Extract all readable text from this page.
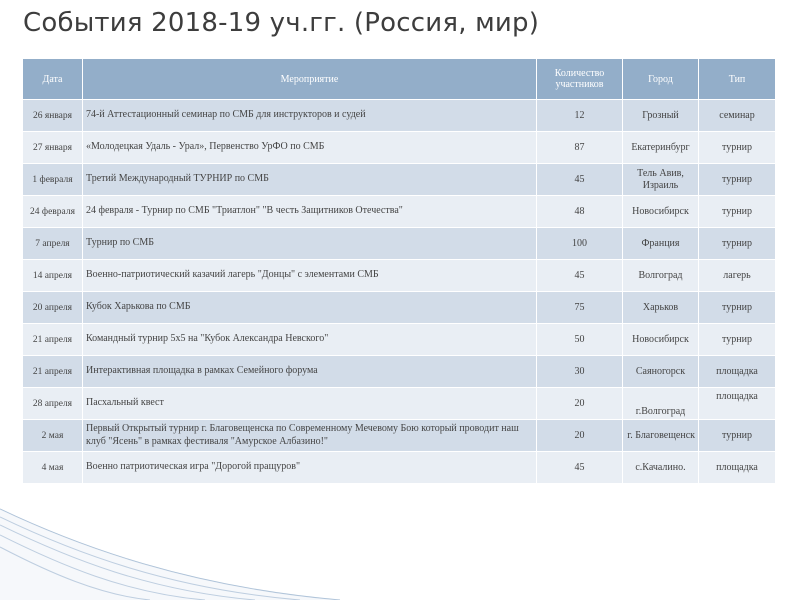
События 2018-19 уч.гг. (Россия, мир)
Дата	Мероприятие	Количество участников	Город	Тип
26 января	74-й Аттестационный семинар по СМБ для инструкторов и судей	12	Грозный	семинар
27 января	«Молодецкая Удаль - Урал», Первенство УрФО по СМБ	87	Екатеринбург	турнир
1 февраля	Третий Международный ТУРНИР по СМБ	45	Тель Авив, Израиль	турнир
24 февраля	24 февраля - Турнир по СМБ "Триатлон" "В честь Защитников Отечества"	48	Новосибирск	турнир
7 апреля	Турнир по СМБ	100	Франция	турнир
14 апреля	Военно-патриотический казачий лагерь "Донцы" с элементами СМБ	45	Волгоград	лагерь
20 апреля	Кубок Харькова по СМБ	75	Харьков	турнир
21 апреля	Командный турнир 5х5 на "Кубок Александра Невского"	50	Новосибирск	турнир
21 апреля	Интерактивная площадка в рамках Семейного форума	30	Саяногорск	площадка
28 апреля	Пасхальный квест	20	г.Волгоград	площадка
2 мая	Первый Открытый турнир г. Благовещенска по Современному Мечевому Бою который проводит наш клуб "Ясень" в рамках фестиваля "Амурское Албазино!"	20	г. Благовещенск	турнир
4 мая	Военно патриотическая игра "Дорогой пращуров"	45	с.Качалино.	площадка
